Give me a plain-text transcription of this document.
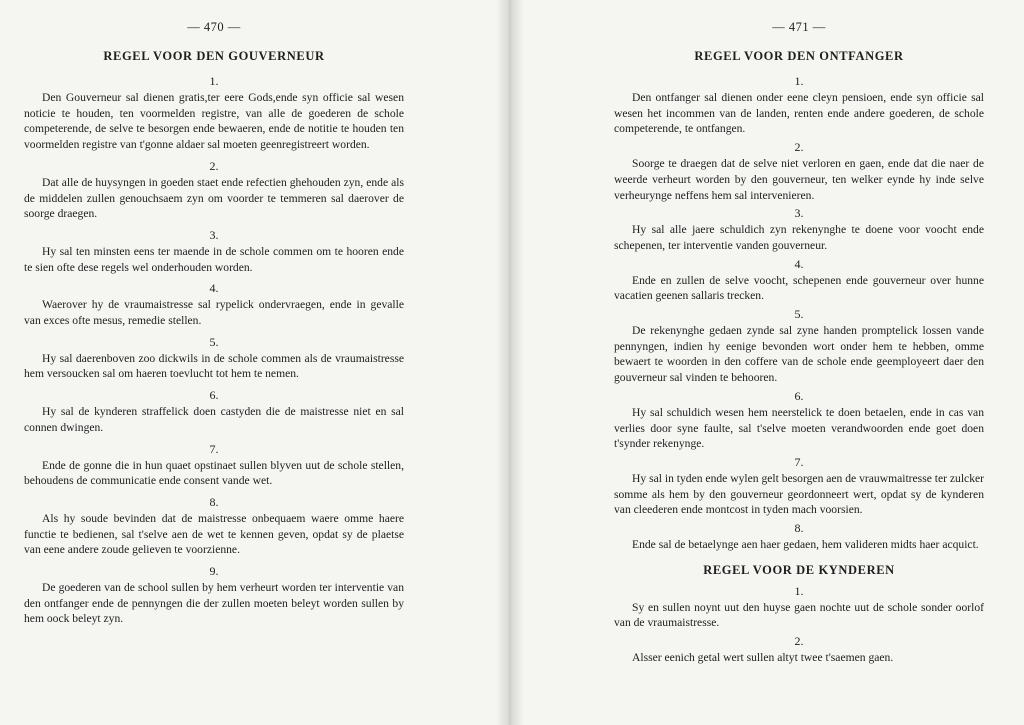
— 470 —
REGEL VOOR DEN GOUVERNEUR
1.
Den Gouverneur sal dienen gratis,ter eere Gods,ende syn officie sal wesen noticie te houden, ten voormelden registre, van alle de goederen de schole competerende, de selve te besorgen ende bewaeren, ende de notitie te houden ten voormelden registre van t'gonne aldaer sal moeten geenregistreert worden.
2.
Dat alle de huysyngen in goeden staet ende refectien ghehouden zyn, ende als de middelen zullen genouchsaem zyn om voorder te temmeren sal daerover de soorge draegen.
3.
Hy sal ten minsten eens ter maende in de schole commen om te hooren ende te sien ofte dese regels wel onderhouden worden.
4.
Waerover hy de vraumaistresse sal rypelick ondervraegen, ende in gevalle van exces ofte mesus, remedie stellen.
5.
Hy sal daerenboven zoo dickwils in de schole commen als de vraumaistresse hem versoucken sal om haeren toevlucht tot hem te nemen.
6.
Hy sal de kynderen straffelick doen castyden die de maistresse niet en sal connen dwingen.
7.
Ende de gonne die in hun quaet opstinaet sullen blyven uut de schole stellen, behoudens de communicatie ende consent vande wet.
8.
Als hy soude bevinden dat de maistresse onbequaem waere omme haere functie te bedienen, sal t'selve aen de wet te kennen geven, opdat sy de plaetse van eene andere zoude gelieven te voorzienne.
9.
De goederen van de school sullen by hem verheurt worden ter interventie van den ontfanger ende de pennyngen die der zullen moeten beleyt worden sullen by hem oock beleyt zyn.
— 471 —
REGEL VOOR DEN ONTFANGER
1.
Den ontfanger sal dienen onder eene cleyn pensioen, ende syn officie sal wesen het incommen van de landen, renten ende andere goederen, de schole competerende, te ontfangen.
2.
Soorge te draegen dat de selve niet verloren en gaen, ende dat die naer de weerde verheurt worden by den gouverneur, ten welker eynde hy inde selve verheuryngе neffens hem sal intervenieren.
3.
Hy sal alle jaere schuldich zyn rekenynghe te doene voor voocht ende schepenen, ter interventie vanden gouverneur.
4.
Ende en zullen de selve voocht, schepenen ende gouverneur over hunne vacatien geenen sallaris trecken.
5.
De rekenynghe gedaen zynde sal zyne handen promptelick lossen vande pennyngen, indien hy eenige bevonden wort onder hem te hebben, omme bewaert te woorden in den coffere van de schole ende geemployeert daer den gouverneur sal vinden te behooren.
6.
Hy sal schuldich wesen hem neerstelick te doen betaelen, ende in cas van verlies door syne faulte, sal t'selve moeten verandwoorden ende goet doen t'synder rekenynge.
7.
Hy sal in tyden ende wylen gelt besorgen aen de vrauwmaitresse ter zulcker somme als hem by den gouverneur geordonneert wert, opdat sy de kynderen van cleederen ende montcost in tyden mach voorsien.
8.
Ende sal de betaelynge aen haer gedaen, hem valideren midts haer acquict.
REGEL VOOR DE KYNDEREN
1.
Sy en sullen noynt uut den huyse gaen nochte uut de schole sonder oorlof van de vraumaistresse.
2.
Alsser eenich getal wert sullen altyt twee t'saemen gaen.
